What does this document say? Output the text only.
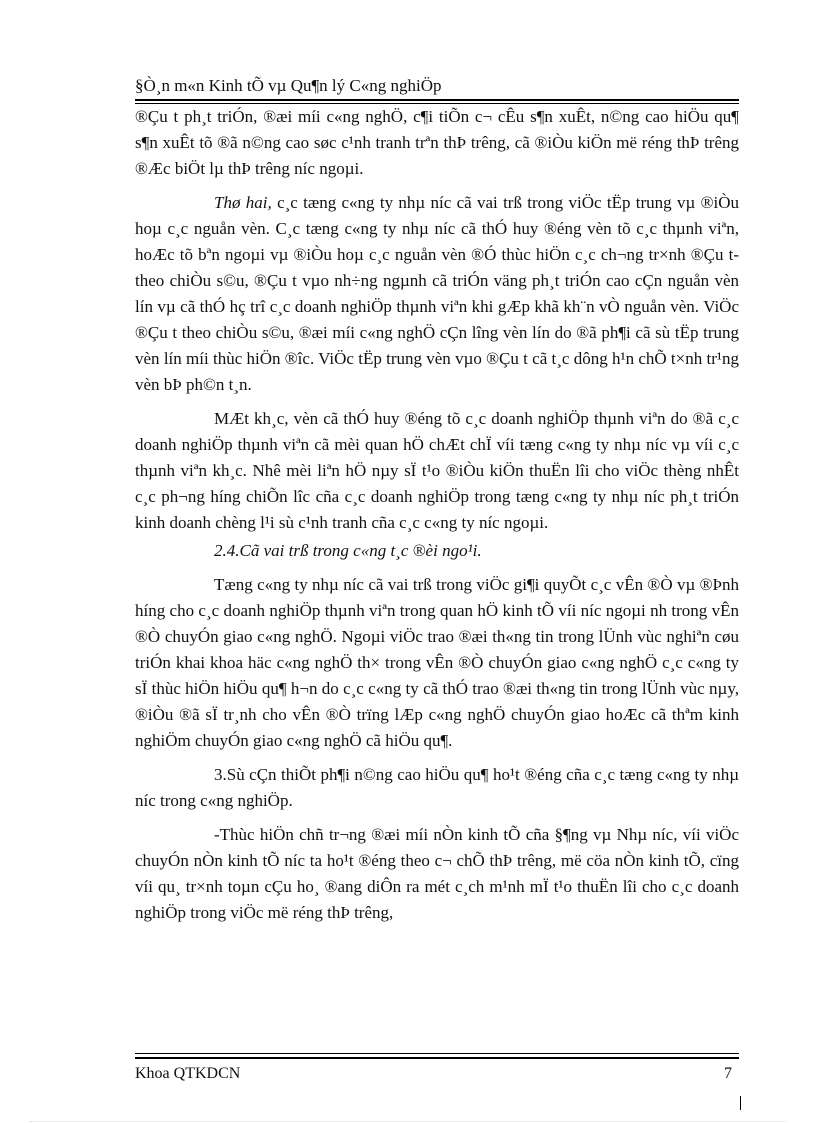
§Ò¸n m«n Kinh tÕ vµ Qu¶n lý C«ng nghiÖp

®Çu t ph¸t triÓn, ®æi míi c«ng nghÖ, c¶i tiÕn c¬ cÊu s¶n xuÊt, n©ng cao hiÖu qu¶ s¶n xuÊt tõ ®ã n©ng cao søc c¹nh tranh trªn thÞ trêng, cã ®iÒu kiÖn më réng thÞ trêng ®Æc biÖt lµ thÞ trêng níc ngoµi.

Thø hai, c¸c tæng c«ng ty nhµ níc cã vai trß trong viÖc tËp trung vµ ®iÒu hoµ c¸c nguån vèn. C¸c tæng c«ng ty nhµ níc cã thÓ huy ®éng vèn tõ c¸c thµnh viªn, hoÆc tõ bªn ngoµi vµ ®iÒu hoµ c¸c nguån vèn ®Ó thùc hiÖn c¸c ch¬ng tr×nh ®Çu t theo chiÒu s©u, ®Çu t vµo nh÷ng ngµnh cã triÓn väng ph¸t triÓn cao cÇn nguån vèn lín vµ cã thÓ hç trî c¸c doanh nghiÖp thµnh viªn khi gÆp khã kh¨n vÒ nguån vèn. ViÖc ®Çu t theo chiÒu s©u, ®æi míi c«ng nghÖ cÇn lîng vèn lín do ®ã ph¶i cã sù tËp trung vèn lín míi thùc hiÖn ®îc. ViÖc tËp trung vèn vµo ®Çu t cã t¸c dông h¹n chÕ t×nh tr¹ng vèn bÞ ph©n t¸n.

MÆt kh¸c, vèn cã thÓ huy ®éng tõ c¸c doanh nghiÖp thµnh viªn do ®ã c¸c doanh nghiÖp thµnh viªn cã mèi quan hÖ chÆt chÏ víi tæng c«ng ty nhµ níc vµ víi c¸c thµnh viªn kh¸c. Nhê mèi liªn hÖ nµy sÏ t¹o ®iÒu kiÖn thuËn lîi cho viÖc thèng nhÊt c¸c ph¬ng híng chiÕn lîc cña c¸c doanh nghiÖp trong tæng c«ng ty nhµ níc ph¸t triÓn kinh doanh chèng l¹i sù c¹nh tranh cña c¸c c«ng ty níc ngoµi.

2.4.Cã vai trß trong c«ng t¸c ®èi ngo¹i.

Tæng c«ng ty nhµ níc cã vai trß trong viÖc gi¶i quyÕt c¸c vÊn ®Ò vµ ®Þnh híng cho c¸c doanh nghiÖp thµnh viªn trong quan hÖ kinh tÕ víi níc ngoµi nh trong vÊn ®Ò chuyÓn giao c«ng nghÖ. Ngoµi viÖc trao ®æi th«ng tin trong lÜnh vùc nghiªn cøu triÓn khai khoa häc c«ng nghÖ th× trong vÊn ®Ò chuyÓn giao c«ng nghÖ c¸c c«ng ty sÏ thùc hiÖn hiÖu qu¶ h¬n do c¸c c«ng ty cã thÓ trao ®æi th«ng tin trong lÜnh vùc nµy, ®iÒu ®ã sÏ tr¸nh cho vÊn ®Ò trïng lÆp c«ng nghÖ chuyÓn giao hoÆc cã thªm kinh nghiÖm chuyÓn giao c«ng nghÖ cã hiÖu qu¶.

3.Sù cÇn thiÕt ph¶i n©ng cao hiÖu qu¶ ho¹t ®éng cña c¸c tæng c«ng ty nhµ níc trong c«ng nghiÖp.

-Thùc hiÖn chñ tr¬ng ®æi míi nÒn kinh tÕ cña §¶ng vµ Nhµ níc, víi viÖc chuyÓn nÒn kinh tÕ níc ta ho¹t ®éng theo c¬ chÕ thÞ trêng, më cöa nÒn kinh tÕ, cïng víi qu¸ tr×nh toµn cÇu ho¸ ®ang diÔn ra mét c¸ch m¹nh mÏ t¹o thuËn lîi cho c¸c doanh nghiÖp trong viÖc më réng thÞ trêng,

Khoa QTKDCN	7
